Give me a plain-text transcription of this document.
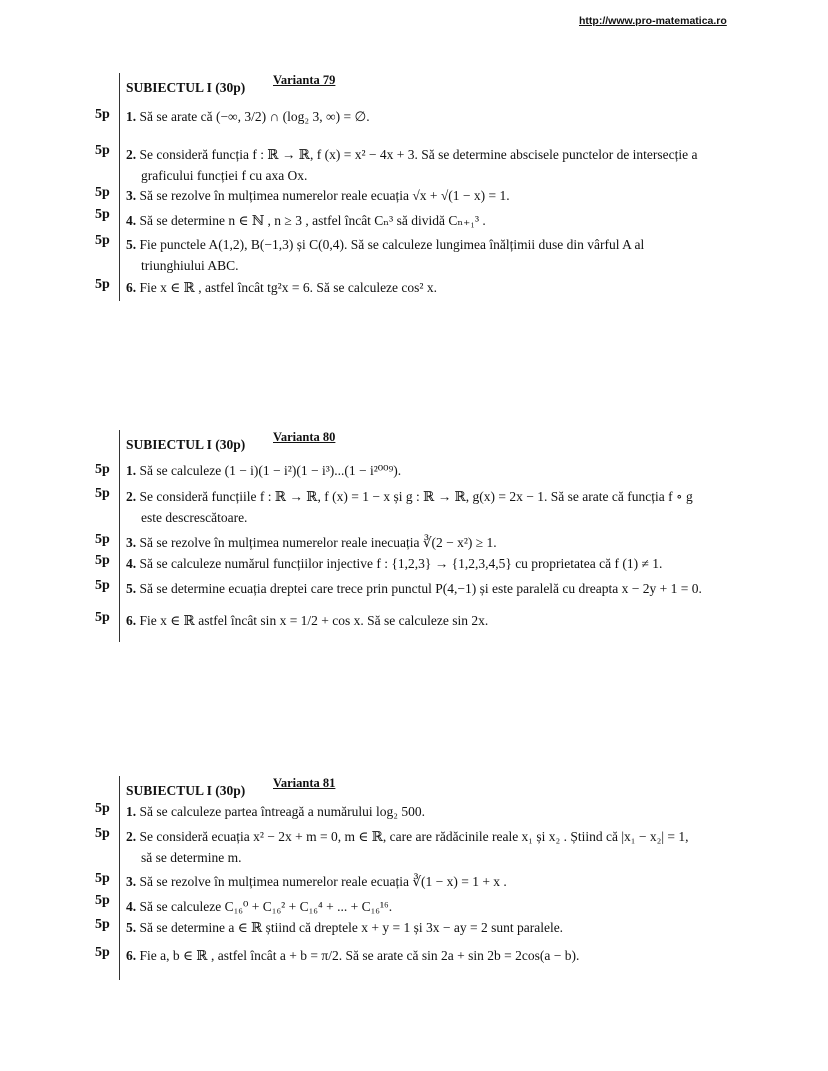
http://www.pro-matematica.ro
SUBIECTUL I (30p) Varianta 79
5p 1. Să se arate că (−∞, 3/2) ∩ (log₂ 3, ∞) = ∅.
5p 2. Se consideră funcția f : ℝ → ℝ, f (x) = x² − 4x + 3. Să se determine abscisele punctelor de intersecție a
graficului funcției f cu axa Ox.
5p 3. Să se rezolve în mulțimea numerelor reale ecuația √x + √(1 − x) = 1.
5p 4. Să se determine n ∈ ℕ , n ≥ 3 , astfel încât Cₙ³ să dividă Cₙ₊₁³ .
5p 5. Fie punctele A(1,2), B(−1,3) și C(0,4). Să se calculeze lungimea înălțimii duse din vârful A al
triunghiului ABC.
5p 6. Fie x ∈ ℝ , astfel încât tg²x = 6. Să se calculeze cos² x.
SUBIECTUL I (30p) Varianta 80
5p 1. Să se calculeze (1 − i)(1 − i²)(1 − i³)...(1 − i²⁰⁰⁹).
5p 2. Se consideră funcțiile f : ℝ → ℝ, f (x) = 1 − x și g : ℝ → ℝ, g(x) = 2x − 1. Să se arate că funcția f ∘ g
este descrescătoare.
5p 3. Să se rezolve în mulțimea numerelor reale inecuația ∛(2 − x²) ≥ 1.
5p 4. Să se calculeze numărul funcțiilor injective f : {1,2,3} → {1,2,3,4,5} cu proprietatea că f (1) ≠ 1.
5p 5. Să se determine ecuația dreptei care trece prin punctul P(4,−1) și este paralelă cu dreapta x − 2y + 1 = 0.
5p 6. Fie x ∈ ℝ astfel încât sin x = 1/2 + cos x. Să se calculeze sin 2x.
SUBIECTUL I (30p) Varianta 81
5p 1. Să se calculeze partea întreagă a numărului log₂ 500.
5p 2. Se consideră ecuația x² − 2x + m = 0, m ∈ ℝ, care are rădăcinile reale x₁ și x₂ . Știind că |x₁ − x₂| = 1,
să se determine m.
5p 3. Să se rezolve în mulțimea numerelor reale ecuația ∛(1 − x) = 1 + x .
5p 4. Să se calculeze C₁₆⁰ + C₁₆² + C₁₆⁴ + ... + C₁₆¹⁶.
5p 5. Să se determine a ∈ ℝ știind că dreptele x + y = 1 și 3x − ay = 2 sunt paralele.
5p 6. Fie a, b ∈ ℝ , astfel încât a + b = π/2. Să se arate că sin 2a + sin 2b = 2cos(a − b).
